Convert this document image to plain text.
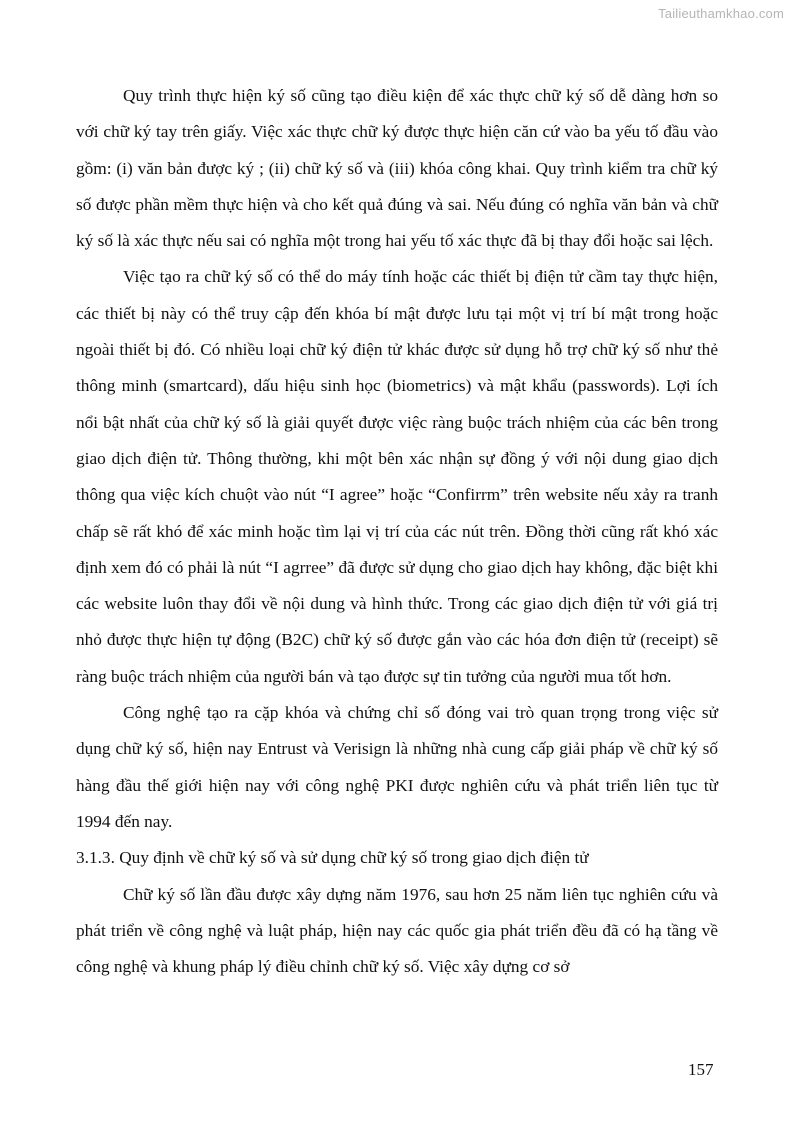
Tailieuthamkhao.com

Quy trình thực hiện ký số cũng tạo điều kiện để xác thực chữ ký số dễ dàng hơn so với chữ ký tay trên giấy. Việc xác thực chữ ký được thực hiện căn cứ vào ba yếu tố đầu vào gồm: (i) văn bản được ký ; (ii) chữ ký số và (iii) khóa công khai. Quy trình kiểm tra chữ ký số được phần mềm thực hiện và cho kết quả đúng và sai. Nếu đúng có nghĩa văn bản và chữ ký số là xác thực nếu sai có nghĩa một trong hai yếu tố xác thực đã bị thay đổi hoặc sai lệch.

Việc tạo ra chữ ký số có thể do máy tính hoặc các thiết bị điện tử cầm tay thực hiện, các thiết bị này có thể truy cập đến khóa bí mật được lưu tại một vị trí bí mật trong hoặc ngoài thiết bị đó. Có nhiều loại chữ ký điện tử khác được sử dụng hỗ trợ chữ ký số như thẻ thông minh (smartcard), dấu hiệu sinh học (biometrics) và mật khẩu (passwords). Lợi ích nổi bật nhất của chữ ký số là giải quyết được việc ràng buộc trách nhiệm của các bên trong giao dịch điện tử. Thông thường, khi một bên xác nhận sự đồng ý với nội dung giao dịch thông qua việc kích chuột vào nút “I agree” hoặc “Confirrm” trên website nếu xảy ra tranh chấp sẽ rất khó để xác minh hoặc tìm lại vị trí của các nút trên. Đồng thời cũng rất khó xác định xem đó có phải là nút “I agrree” đã được sử dụng cho giao dịch hay không, đặc biệt khi các website luôn thay đổi về nội dung và hình thức. Trong các giao dịch điện tử với giá trị nhỏ được thực hiện tự động (B2C) chữ ký số được gắn vào các hóa đơn điện tử (receipt) sẽ ràng buộc trách nhiệm của người bán và tạo được sự tin tưởng của người mua tốt hơn.

Công nghệ tạo ra cặp khóa và chứng chỉ số đóng vai trò quan trọng trong việc sử dụng chữ ký số, hiện nay Entrust và Verisign là những nhà cung cấp giải pháp về chữ ký số hàng đầu thế giới hiện nay với công nghệ PKI được nghiên cứu và phát triển liên tục từ 1994 đến nay.

3.1.3. Quy định về chữ ký số và sử dụng chữ ký số trong giao dịch điện tử

Chữ ký số lần đầu được xây dựng năm 1976, sau hơn 25 năm liên tục nghiên cứu và phát triển về công nghệ và luật pháp, hiện nay các quốc gia phát triển đều đã có hạ tầng về công nghệ và khung pháp lý điều chỉnh chữ ký số. Việc xây dựng cơ sở

157
